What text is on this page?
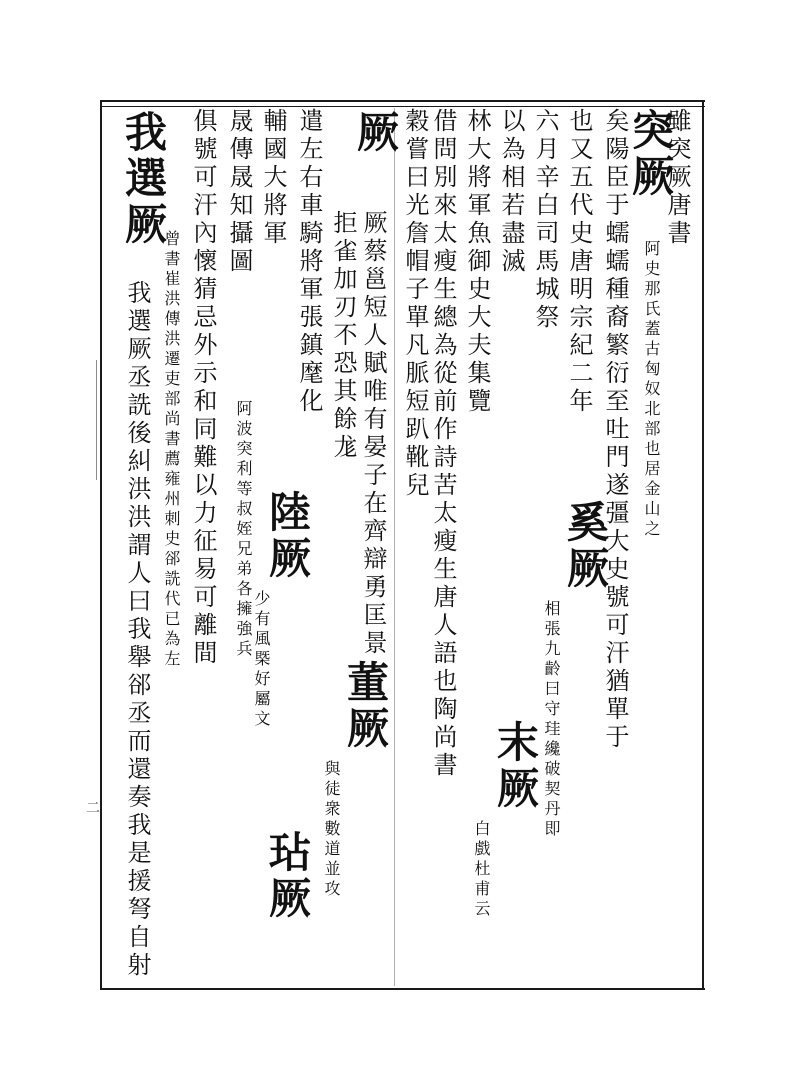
突厥
雖突厥唐書
阿史那氏蓋古匈奴北部也居金山之
矣陽臣于蠕蠕種裔繁衍至吐門遂彊大史號可汗猶單于
也又五代史唐明宗紀二年
六月辛白司馬城祭
奚厥
相張九齡曰守珪纔破契丹即
以為相若盡滅
林大將軍魚御史大夫集覽
末厥
白戲杜甫云
借問別來太瘦生總為從前作詩苦太瘦生唐人語也陶尚書
穀嘗曰光詹帽子單凡脈短趴靴兒
厥
厥蔡邕短人賦唯有晏子在齊辯勇匡景
拒雀加刃不恐其餘尨
董厥
與徒衆數道並攻
遣左右車騎將軍張鎮麾化
陸厥
少有風槩好屬文
玷厥
輔國大將軍
晟傳晟知攝圖
阿波突利等叔姪兄弟各擁強兵
俱號可汗內懷猜忌外示和同難以力征易可離間
我選厥
我選厥丞詵後糾洪洪謂人曰我舉郤丞而還奏我是援弩自射 曾書崔洪傳洪遷吏部尚書薦雍州刺史郤詵代已為左
二
